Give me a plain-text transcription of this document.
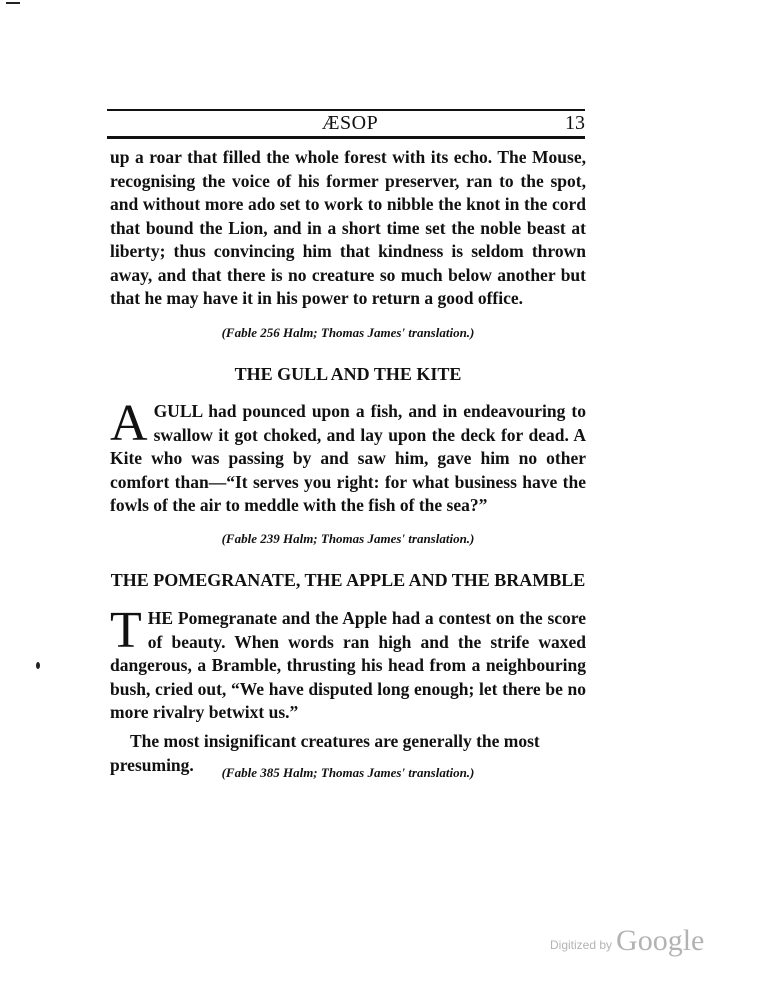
ÆSOP	13
up a roar that filled the whole forest with its echo. The Mouse, recognising the voice of his former preserver, ran to the spot, and without more ado set to work to nibble the knot in the cord that bound the Lion, and in a short time set the noble beast at liberty; thus convincing him that kindness is seldom thrown away, and that there is no creature so much below another but that he may have it in his power to return a good office.
(Fable 256 Halm; Thomas James' translation.)
THE GULL AND THE KITE
AGULL had pounced upon a fish, and in endeavouring to swallow it got choked, and lay upon the deck for dead. A Kite who was passing by and saw him, gave him no other comfort than—“It serves you right: for what business have the fowls of the air to meddle with the fish of the sea?”
(Fable 239 Halm; Thomas James' translation.)
THE POMEGRANATE, THE APPLE AND THE BRAMBLE
THE Pomegranate and the Apple had a contest on the score of beauty. When words ran high and the strife waxed dangerous, a Bramble, thrusting his head from a neighbouring bush, cried out, “We have disputed long enough; let there be no more rivalry betwixt us.”
The most insignificant creatures are generally the most presuming.	(Fable 385 Halm; Thomas James' translation.)
Digitized by Google
